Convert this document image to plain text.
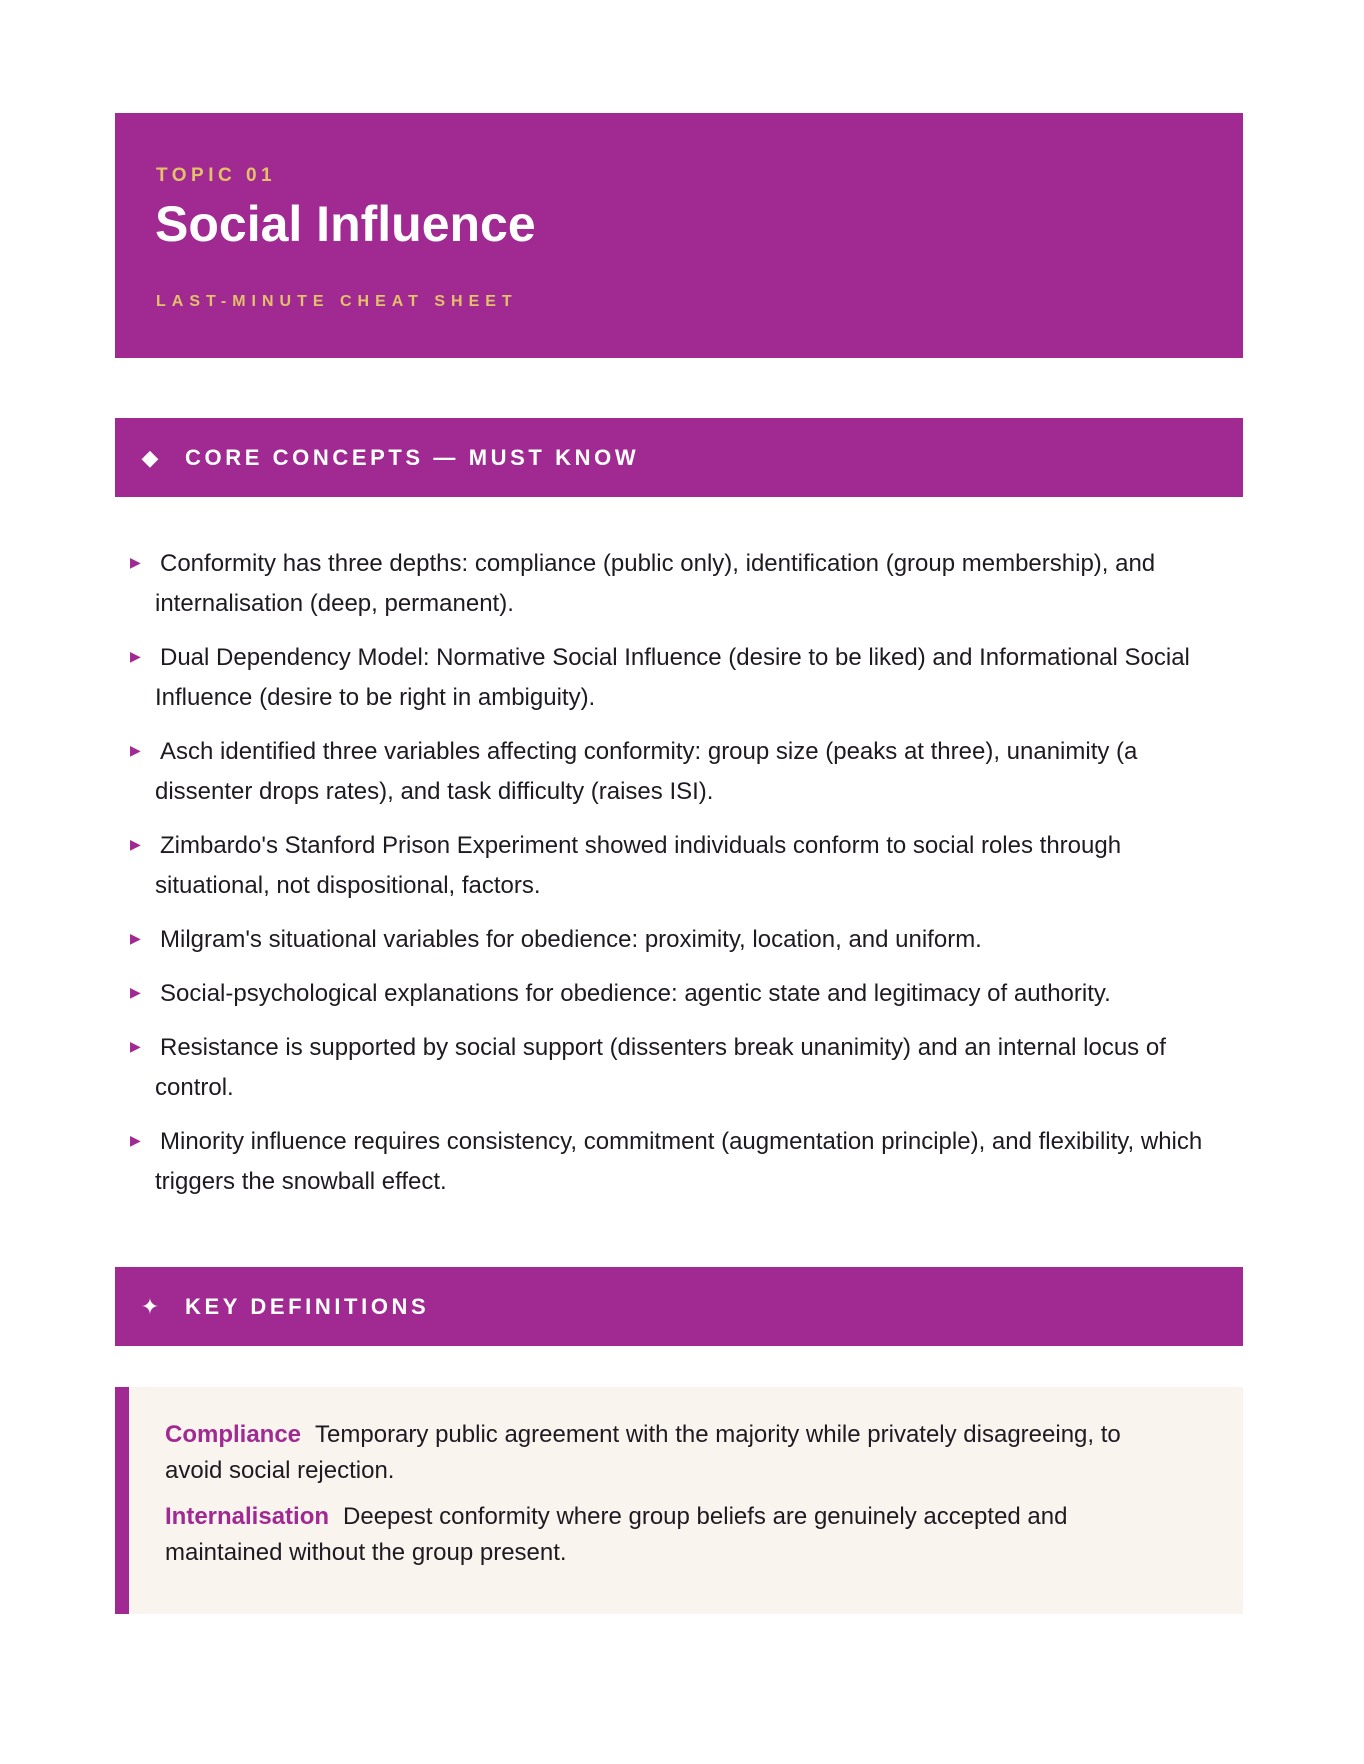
TOPIC 01
Social Influence
LAST-MINUTE CHEAT SHEET
◆ CORE CONCEPTS — MUST KNOW
▶ Conformity has three depths: compliance (public only), identification (group membership), and internalisation (deep, permanent).
▶ Dual Dependency Model: Normative Social Influence (desire to be liked) and Informational Social Influence (desire to be right in ambiguity).
▶ Asch identified three variables affecting conformity: group size (peaks at three), unanimity (a dissenter drops rates), and task difficulty (raises ISI).
▶ Zimbardo's Stanford Prison Experiment showed individuals conform to social roles through situational, not dispositional, factors.
▶ Milgram's situational variables for obedience: proximity, location, and uniform.
▶ Social-psychological explanations for obedience: agentic state and legitimacy of authority.
▶ Resistance is supported by social support (dissenters break unanimity) and an internal locus of control.
▶ Minority influence requires consistency, commitment (augmentation principle), and flexibility, which triggers the snowball effect.
✦ KEY DEFINITIONS
Compliance Temporary public agreement with the majority while privately disagreeing, to avoid social rejection.
Internalisation Deepest conformity where group beliefs are genuinely accepted and maintained without the group present.
